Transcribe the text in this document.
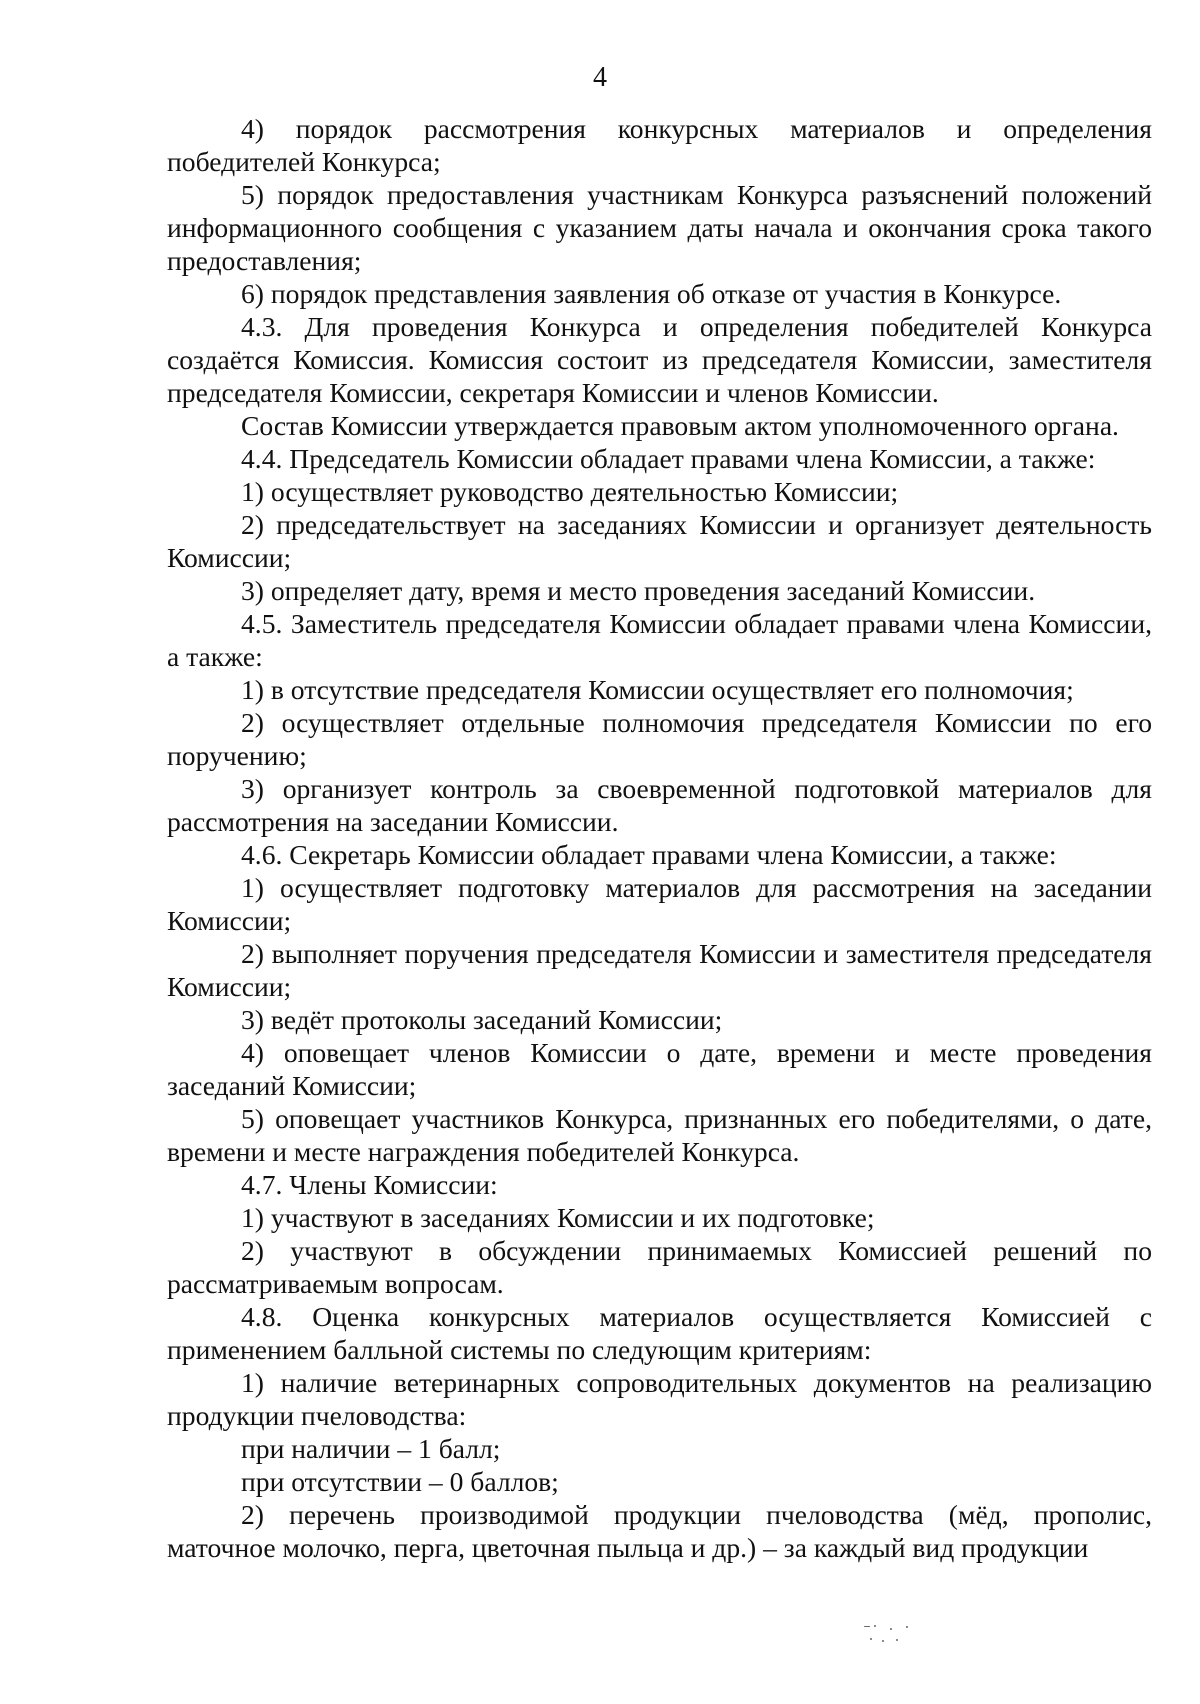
4

4) порядок рассмотрения конкурсных материалов и определения победителей Конкурса;

5) порядок предоставления участникам Конкурса разъяснений положений информационного сообщения с указанием даты начала и окончания срока такого предоставления;

6) порядок представления заявления об отказе от участия в Конкурсе.

4.3. Для проведения Конкурса и определения победителей Конкурса создаётся Комиссия. Комиссия состоит из председателя Комиссии, заместителя председателя Комиссии, секретаря Комиссии и членов Комиссии.

Состав Комиссии утверждается правовым актом уполномоченного органа.

4.4. Председатель Комиссии обладает правами члена Комиссии, а также:

1) осуществляет руководство деятельностью Комиссии;

2) председательствует на заседаниях Комиссии и организует деятельность Комиссии;

3) определяет дату, время и место проведения заседаний Комиссии.

4.5. Заместитель председателя Комиссии обладает правами члена Комиссии, а также:

1) в отсутствие председателя Комиссии осуществляет его полномочия;

2) осуществляет отдельные полномочия председателя Комиссии по его поручению;

3) организует контроль за своевременной подготовкой материалов для рассмотрения на заседании Комиссии.

4.6. Секретарь Комиссии обладает правами члена Комиссии, а также:

1) осуществляет подготовку материалов для рассмотрения на заседании Комиссии;

2) выполняет поручения председателя Комиссии и заместителя председателя Комиссии;

3) ведёт протоколы заседаний Комиссии;

4) оповещает членов Комиссии о дате, времени и месте проведения заседаний Комиссии;

5) оповещает участников Конкурса, признанных его победителями, о дате, времени и месте награждения победителей Конкурса.

4.7. Члены Комиссии:

1) участвуют в заседаниях Комиссии и их подготовке;

2) участвуют в обсуждении принимаемых Комиссией решений по рассматриваемым вопросам.

4.8. Оценка конкурсных материалов осуществляется Комиссией с применением балльной системы по следующим критериям:

1) наличие ветеринарных сопроводительных документов на реализацию продукции пчеловодства:

при наличии – 1 балл;

при отсутствии – 0 баллов;

2) перечень производимой продукции пчеловодства (мёд, прополис, маточное молочко, перга, цветочная пыльца и др.) – за каждый вид продукции
